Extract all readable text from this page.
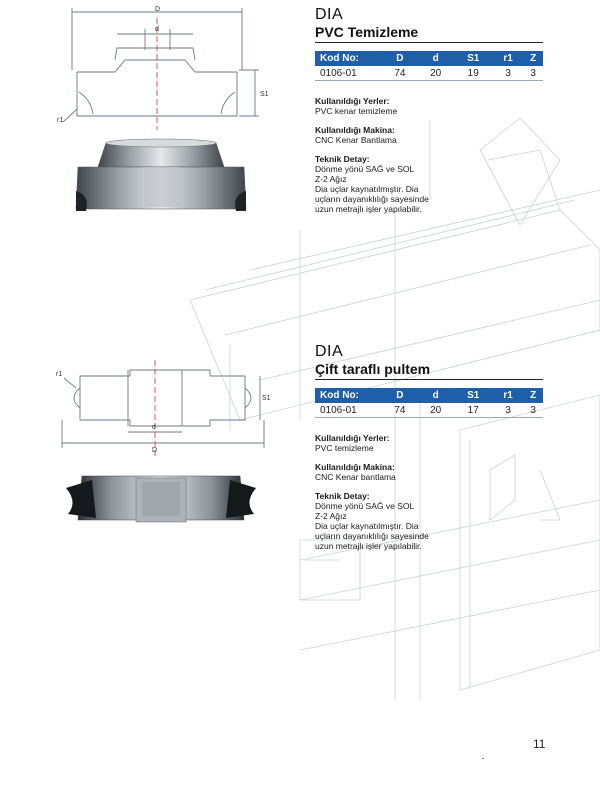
D
d
S1
r1
d
D
S1
r1
DIA
PVC Temizleme
Kod No:	D	d	S1	r1	Z
0106-01	74	20	19	3	3
Kullanıldığı Yerler:
PVC kenar temizleme
Kullanıldığı Makina:
CNC Kenar Bantlama
Teknik Detay:
Dönme yönü SAĞ ve SOL
Z-2 Ağız
Dia uçlar kaynatılmıştır. Dia
uçların dayanıklılığı sayesinde
uzun metrajlı işler yapılabilir.
DIA
Çift taraflı pultem
Kod No:	D	d	S1	r1	Z
0106-01	74	20	17	3	3
Kullanıldığı Yerler:
PVC temizleme
Kullanıldığı Makina:
CNC Kenar bantlama
Teknik Detay:
Dönme yönü SAĞ ve SOL
Z-2 Ağız
Dia uçlar kaynatılmıştır. Dia
uçların dayanıklılığı sayesinde
uzun metrajlı işler yapılabilir.
11
